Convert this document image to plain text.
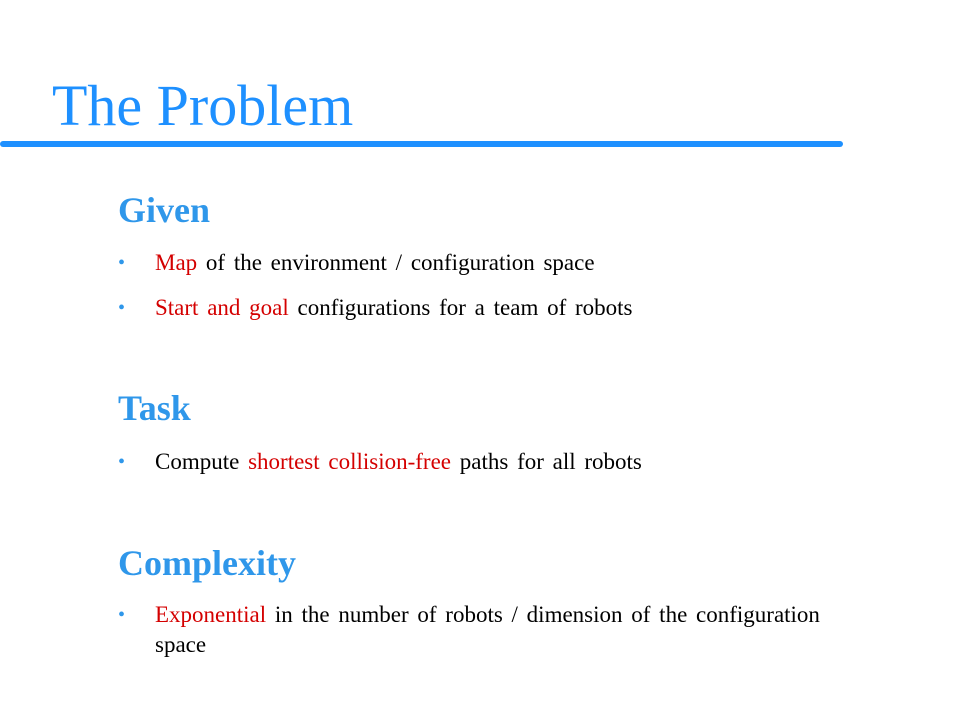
The Problem
Given
•	Map of the environment / configuration space
•	Start and goal configurations for a team of robots
Task
•	Compute shortest collision-free paths for all robots
Complexity
•	Exponential in the number of robots / dimension of the configuration space
